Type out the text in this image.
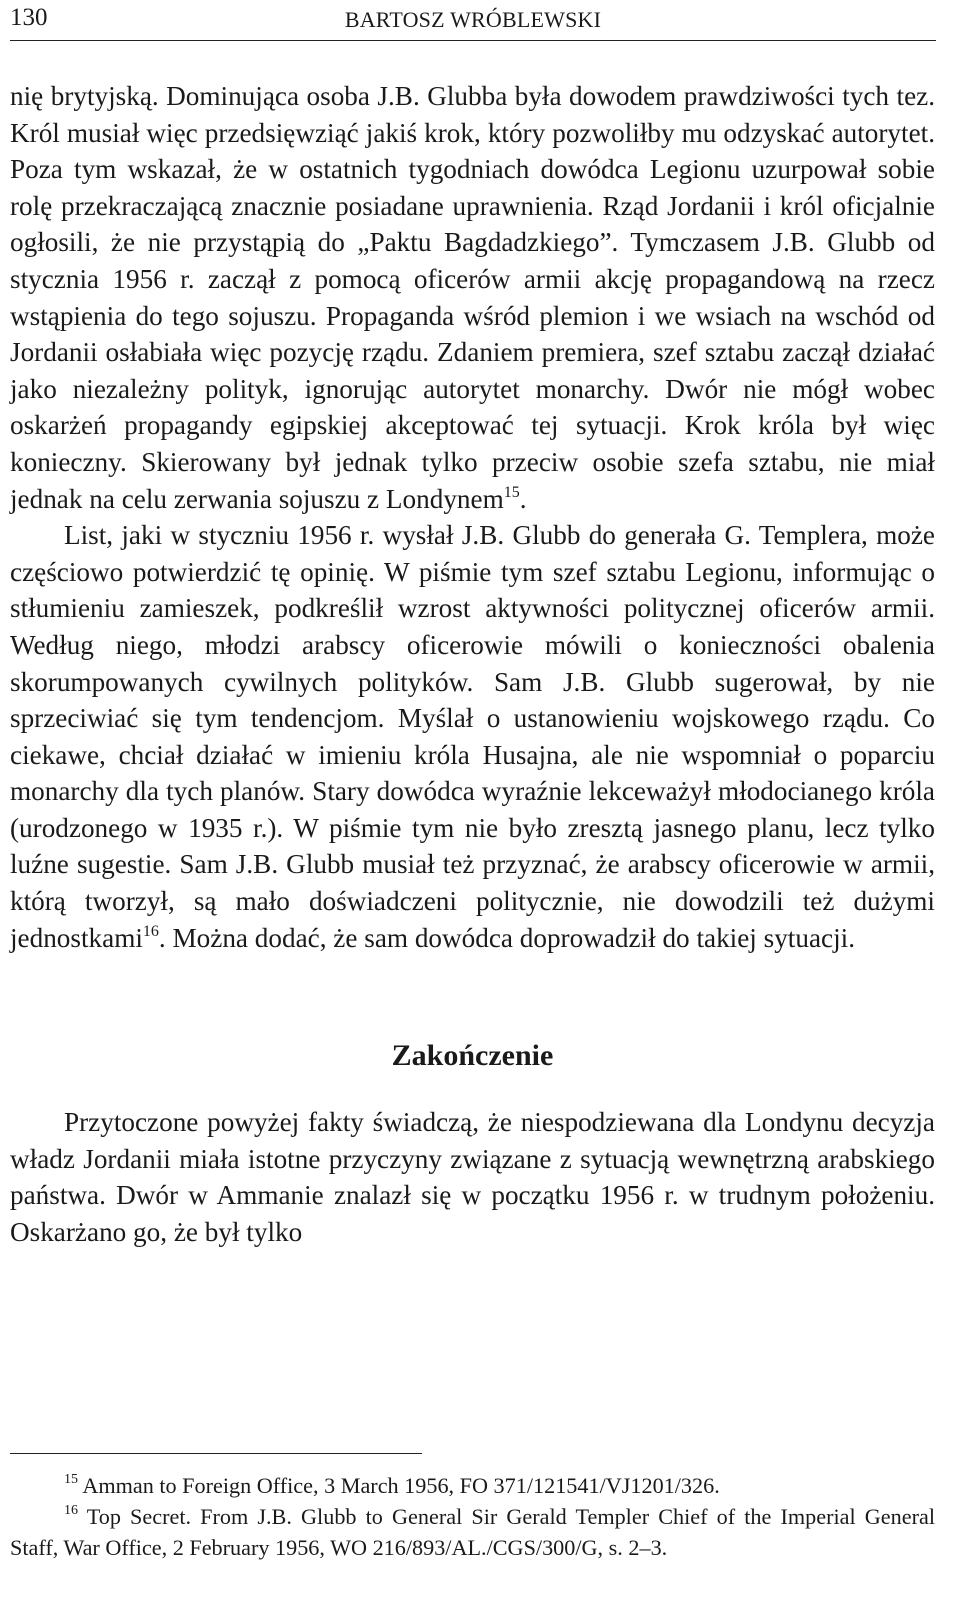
130	BARTOSZ WRÓBLEWSKI

nię brytyjską. Dominująca osoba J.B. Glubba była dowodem prawdziwości tych tez. Król musiał więc przedsięwziąć jakiś krok, który pozwoliłby mu odzyskać autorytet. Poza tym wskazał, że w ostatnich tygodniach dowódca Legionu uzurpował sobie rolę przekraczającą znacznie posiadane uprawnienia. Rząd Jordanii i król oficjalnie ogłosili, że nie przystąpią do „Paktu Bagdadzkiego”. Tymczasem J.B. Glubb od stycznia 1956 r. zaczął z pomocą oficerów armii akcję propagandową na rzecz wstąpienia do tego sojuszu. Propaganda wśród plemion i we wsiach na wschód od Jordanii osłabiała więc pozycję rządu. Zdaniem premiera, szef sztabu zaczął działać jako niezależny polityk, ignorując autorytet monarchy. Dwór nie mógł wobec oskarżeń propagandy egipskiej akceptować tej sytuacji. Krok króla był więc konieczny. Skierowany był jednak tylko przeciw osobie szefa sztabu, nie miał jednak na celu zerwania sojuszu z Londynem$^{15}$.

List, jaki w styczniu 1956 r. wysłał J.B. Glubb do generała G. Templera, może częściowo potwierdzić tę opinię. W piśmie tym szef sztabu Legionu, informując o stłumieniu zamieszek, podkreślił wzrost aktywności politycznej oficerów armii. Według niego, młodzi arabscy oficerowie mówili o konieczności obalenia skorumpowanych cywilnych polityków. Sam J.B. Glubb sugerował, by nie sprzeciwiać się tym tendencjom. Myślał o ustanowieniu wojskowego rządu. Co ciekawe, chciał działać w imieniu króla Husajna, ale nie wspomniał o poparciu monarchy dla tych planów. Stary dowódca wyraźnie lekceważył młodocianego króla (urodzonego w 1935 r.). W piśmie tym nie było zresztą jasnego planu, lecz tylko luźne sugestie. Sam J.B. Glubb musiał też przyznać, że arabscy oficerowie w armii, którą tworzył, są mało doświadczeni politycznie, nie dowodzili też dużymi jednostkami$^{16}$. Można dodać, że sam dowódca doprowadził do takiej sytuacji.

Zakończenie

Przytoczone powyżej fakty świadczą, że niespodziewana dla Londynu decyzja władz Jordanii miała istotne przyczyny związane z sytuacją wewnętrzną arabskiego państwa. Dwór w Ammanie znalazł się w początku 1956 r. w trudnym położeniu. Oskarżano go, że był tylko

$^{15}$ Amman to Foreign Office, 3 March 1956, FO 371/121541/VJ1201/326.

$^{16}$ Top Secret. From J.B. Glubb to General Sir Gerald Templer Chief of the Imperial General Staff, War Office, 2 February 1956, WO 216/893/AL./CGS/300/G, s. 2–3.
